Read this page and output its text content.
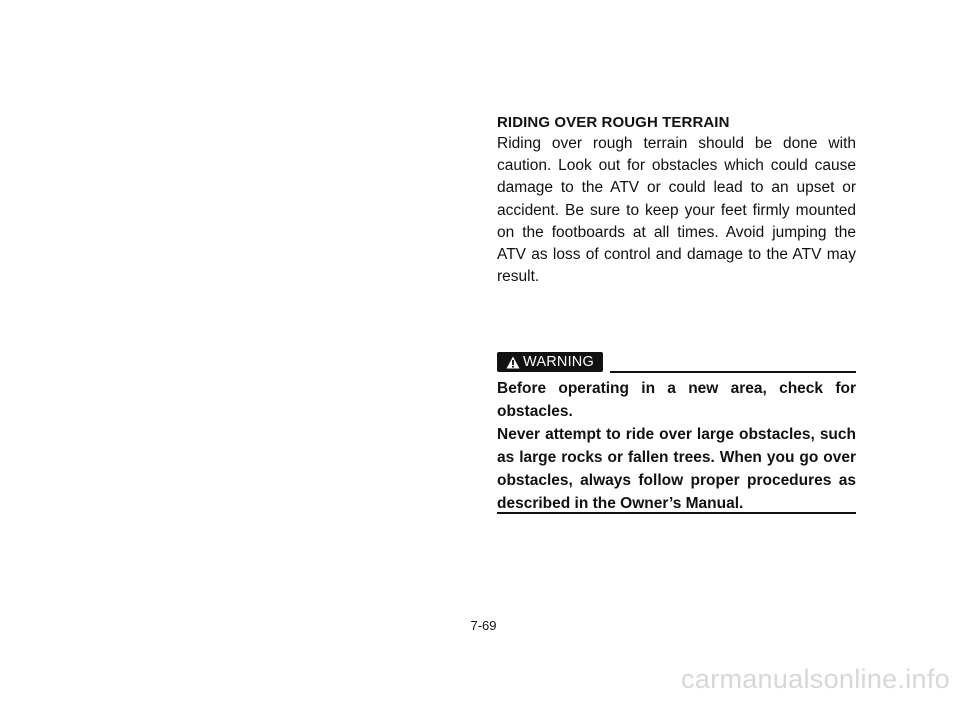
RIDING OVER ROUGH TERRAIN

Riding over rough terrain should be done with caution. Look out for obstacles which could cause damage to the ATV or could lead to an upset or accident. Be sure to keep your feet firmly mounted on the footboards at all times. Avoid jumping the ATV as loss of control and damage to the ATV may result.

WARNING

Before operating in a new area, check for obstacles.

Never attempt to ride over large obstacles, such as large rocks or fallen trees. When you go over obstacles, always follow proper procedures as described in the Owner’s Manual.

7-69
carmanualsonline.info
